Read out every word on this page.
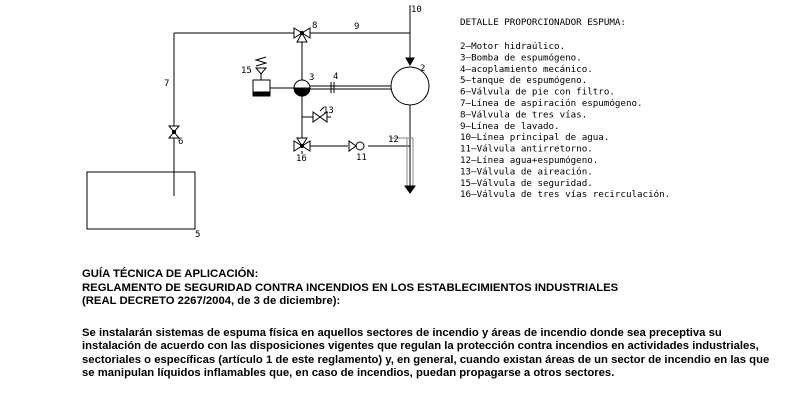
2
3 4
5
6
7
8	9
10
11
12
13
15
16
DETALLE PROPORCIONADOR ESPUMA:
2–Motor hidraúlico.
3–Bomba de espumógeno.
4–acoplamiento mecánico.
5–tanque de espumógeno.
6–Válvula de pie con filtro.
7–Línea de aspiración espumógeno.
8–Válvula de tres vías.
9–Línea de lavado.
10–Línea principal de agua.
11–Válvula antirretorno.
12–Línea agua+espumógeno.
13–Válvula de aireación.
15–Válvula de seguridad.
16–Válvula de tres vías recirculación.
GUÍA TÉCNICA DE APLICACIÓN:
REGLAMENTO DE SEGURIDAD CONTRA INCENDIOS EN LOS ESTABLECIMIENTOS INDUSTRIALES
(REAL DECRETO 2267/2004, de 3 de diciembre):
Se instalarán sistemas de espuma física en aquellos sectores de incendio y áreas de incendio donde sea preceptiva su instalación de acuerdo con las disposiciones vigentes que regulan la protección contra incendios en actividades industriales, sectoriales o específicas (artículo 1 de este reglamento) y, en general, cuando existan áreas de un sector de incendio en las que se manipulan líquidos inflamables que, en caso de incendios, puedan propagarse a otros sectores.
